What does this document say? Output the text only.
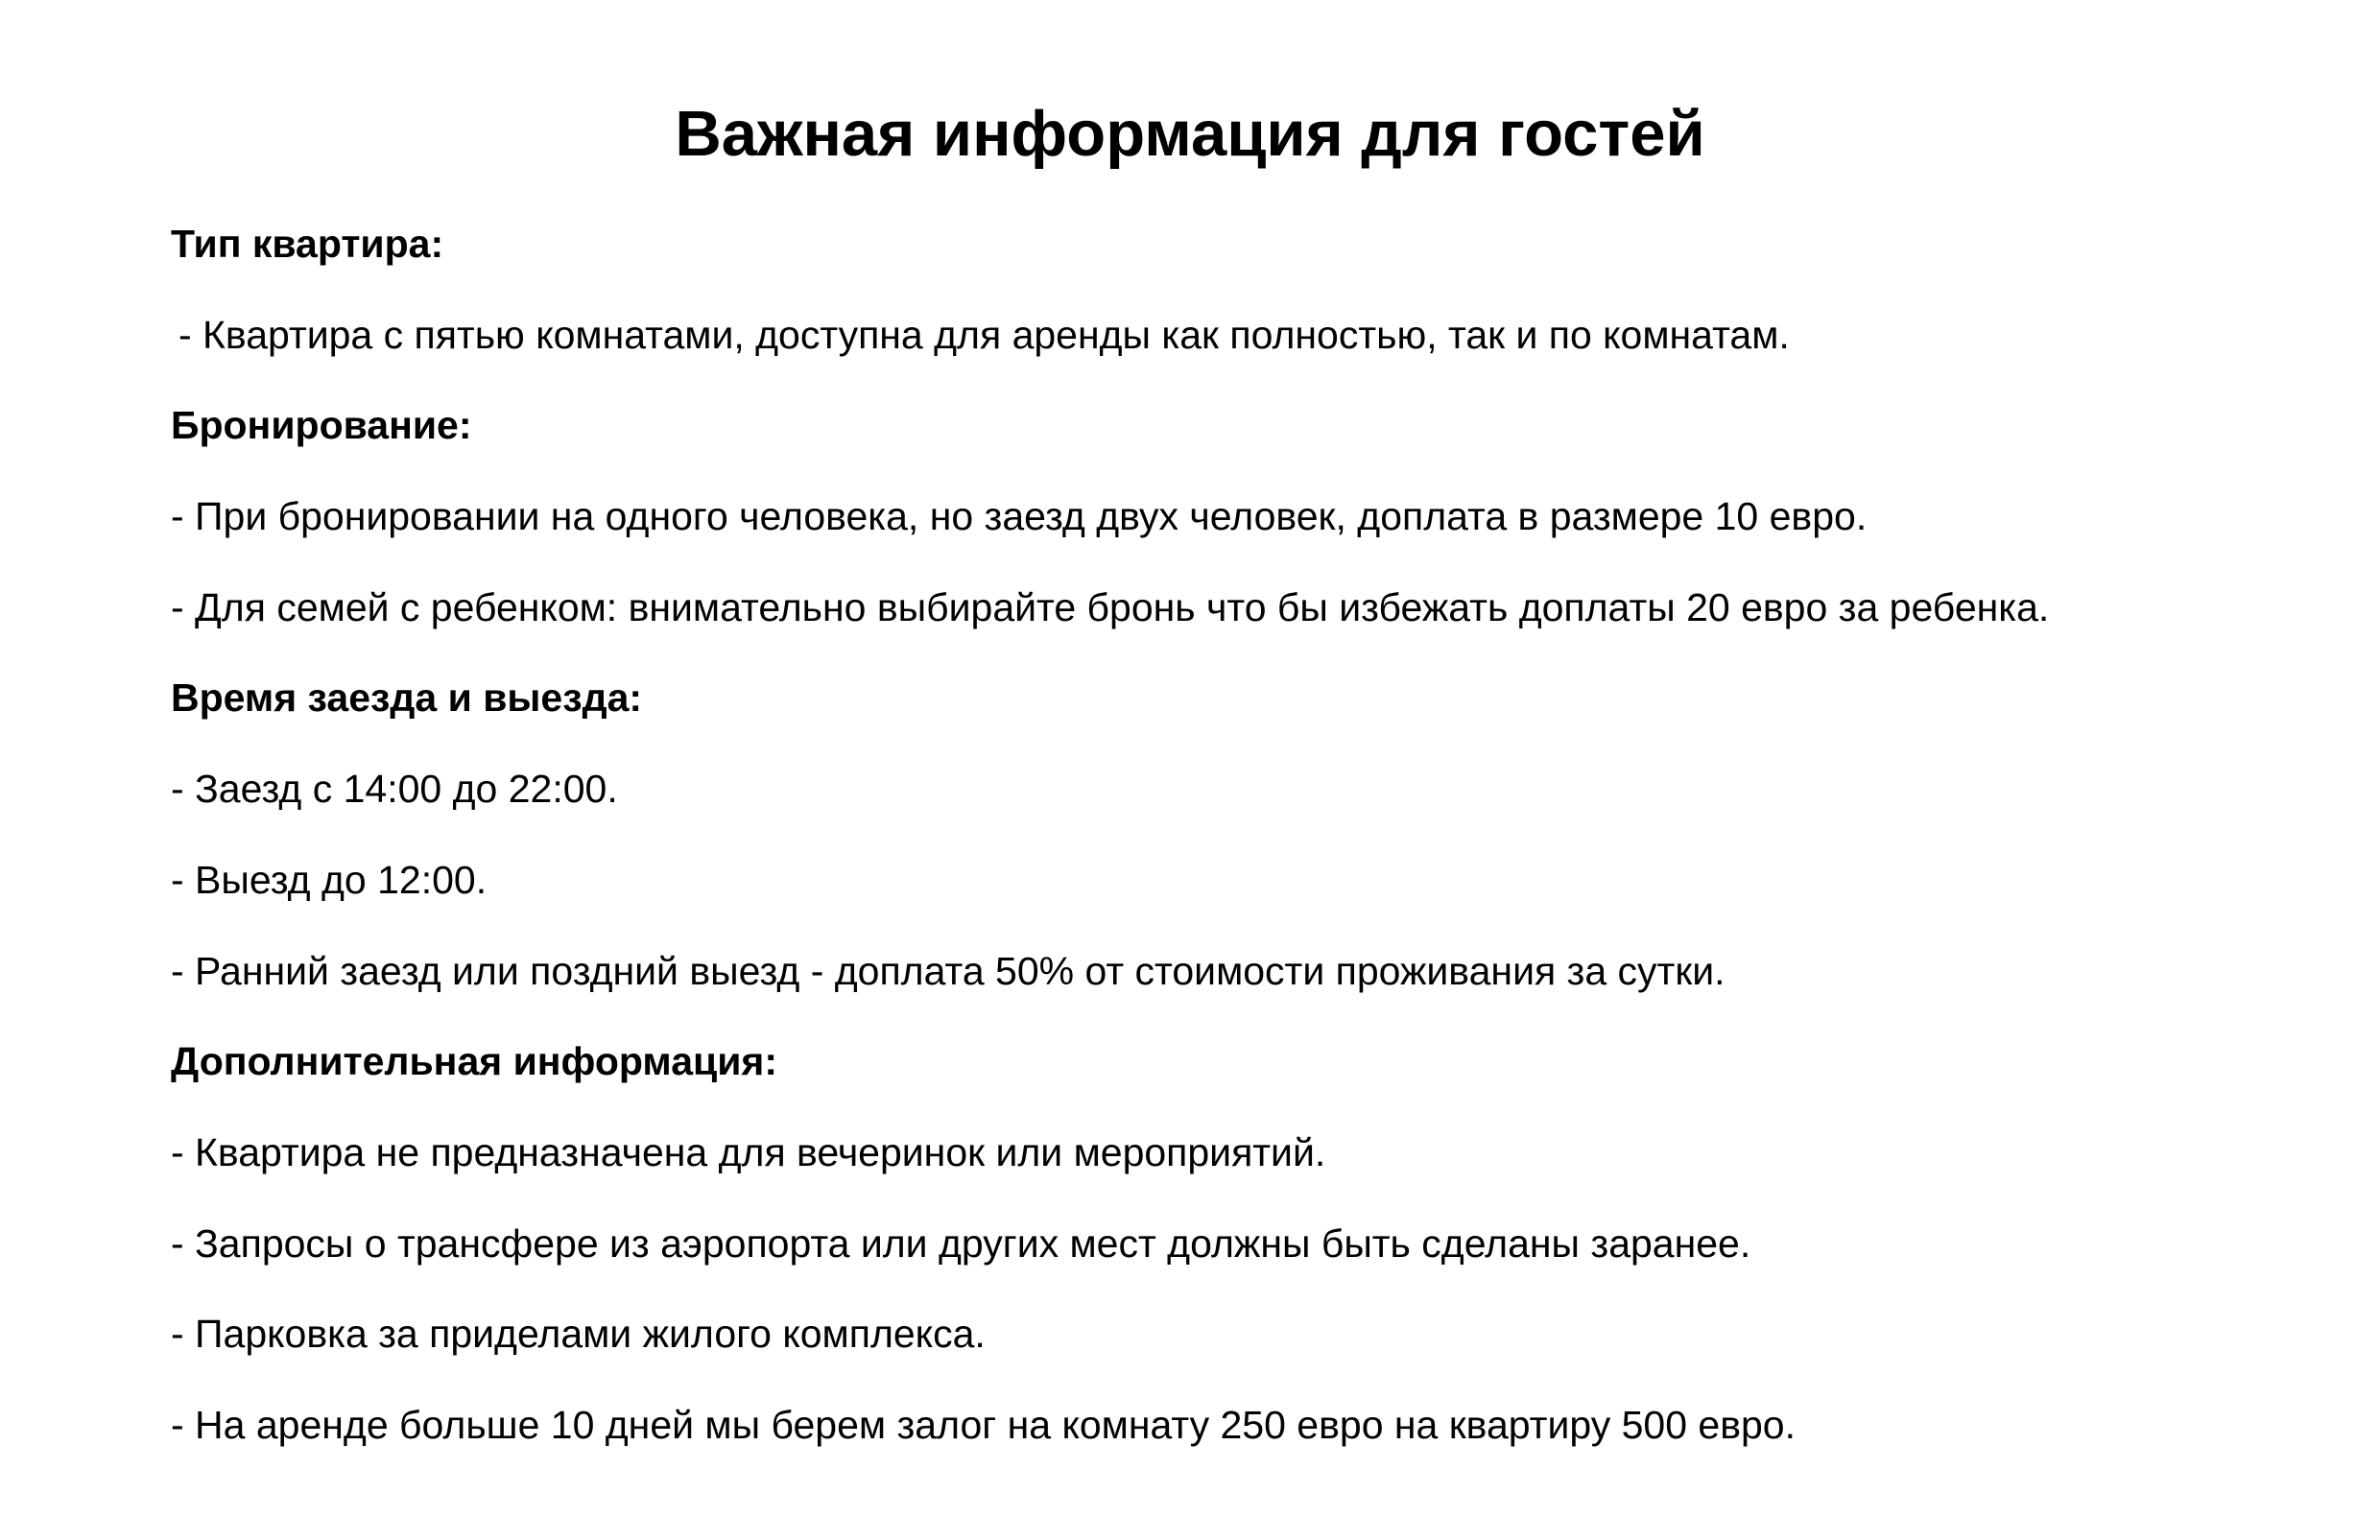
Важная информация для гостей

Тип квартира:

- Квартира с пятью комнатами, доступна для аренды как полностью, так и по комнатам.

Бронирование:

- При бронировании на одного человека, но заезд двух человек, доплата в размере 10 евро.

- Для семей с ребенком: внимательно выбирайте бронь что бы избежать доплаты 20 евро за ребенка.

Время заезда и выезда:

- Заезд с 14:00 до 22:00.

- Выезд до 12:00.

- Ранний заезд или поздний выезд - доплата 50% от стоимости проживания за сутки.

Дополнительная информация:

- Квартира не предназначена для вечеринок или мероприятий.

- Запросы о трансфере из аэропорта или других мест должны быть сделаны заранее.

- Парковка за приделами жилого комплекса.

- На аренде больше 10 дней мы берем залог на комнату 250 евро на квартиру 500 евро.
